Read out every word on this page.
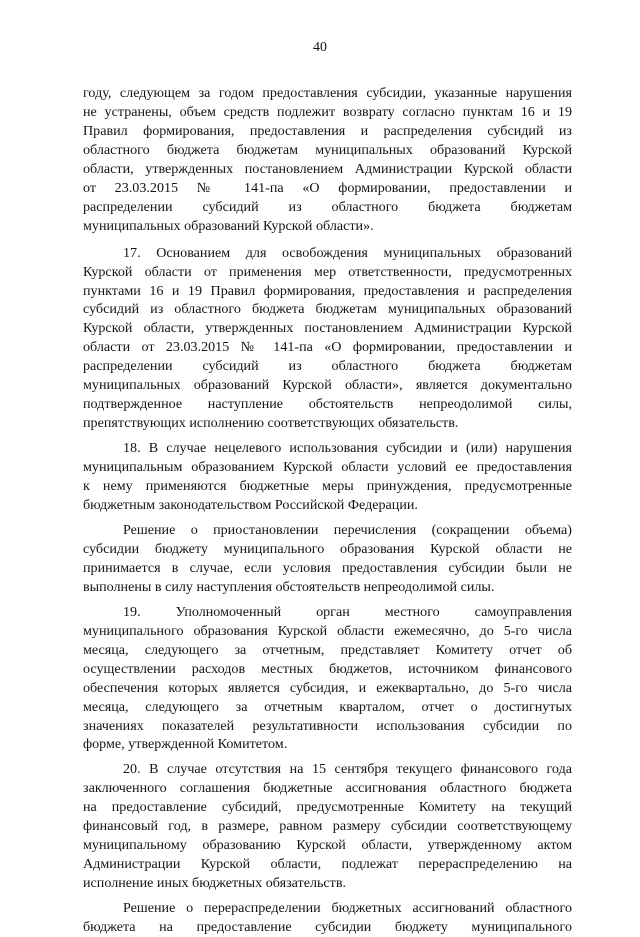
40

году, следующем за годом предоставления субсидии, указанные нарушения
не устранены, объем средств подлежит возврату согласно пунктам 16 и 19
Правил формирования, предоставления и распределения субсидий из
областного бюджета бюджетам муниципальных образований Курской
области, утвержденных постановлением Администрации Курской области
от 23.03.2015 № 141-па «О формировании, предоставлении и
распределении субсидий из областного бюджета бюджетам
муниципальных образований Курской области».

17. Основанием для освобождения муниципальных образований
Курской области от применения мер ответственности, предусмотренных
пунктами 16 и 19 Правил формирования, предоставления и распределения
субсидий из областного бюджета бюджетам муниципальных образований
Курской области, утвержденных постановлением Администрации Курской
области от 23.03.2015 № 141-па «О формировании, предоставлении и
распределении субсидий из областного бюджета бюджетам
муниципальных образований Курской области», является документально
подтвержденное наступление обстоятельств непреодолимой силы,
препятствующих исполнению соответствующих обязательств.

18. В случае нецелевого использования субсидии и (или) нарушения
муниципальным образованием Курской области условий ее предоставления
к нему применяются бюджетные меры принуждения, предусмотренные
бюджетным законодательством Российской Федерации.

Решение о приостановлении перечисления (сокращении объема)
субсидии бюджету муниципального образования Курской области не
принимается в случае, если условия предоставления субсидии были не
выполнены в силу наступления обстоятельств непреодолимой силы.

19. Уполномоченный орган местного самоуправления
муниципального образования Курской области ежемесячно, до 5-го числа
месяца, следующего за отчетным, представляет Комитету отчет об
осуществлении расходов местных бюджетов, источником финансового
обеспечения которых является субсидия, и ежеквартально, до 5-го числа
месяца, следующего за отчетным кварталом, отчет о достигнутых
значениях показателей результативности использования субсидии по
форме, утвержденной Комитетом.

20. В случае отсутствия на 15 сентября текущего финансового года
заключенного соглашения бюджетные ассигнования областного бюджета
на предоставление субсидий, предусмотренные Комитету на текущий
финансовый год, в размере, равном размеру субсидии соответствующему
муниципальному образованию Курской области, утвержденному актом
Администрации Курской области, подлежат перераспределению на
исполнение иных бюджетных обязательств.

Решение о перераспределении бюджетных ассигнований областного
бюджета на предоставление субсидии бюджету муниципального
